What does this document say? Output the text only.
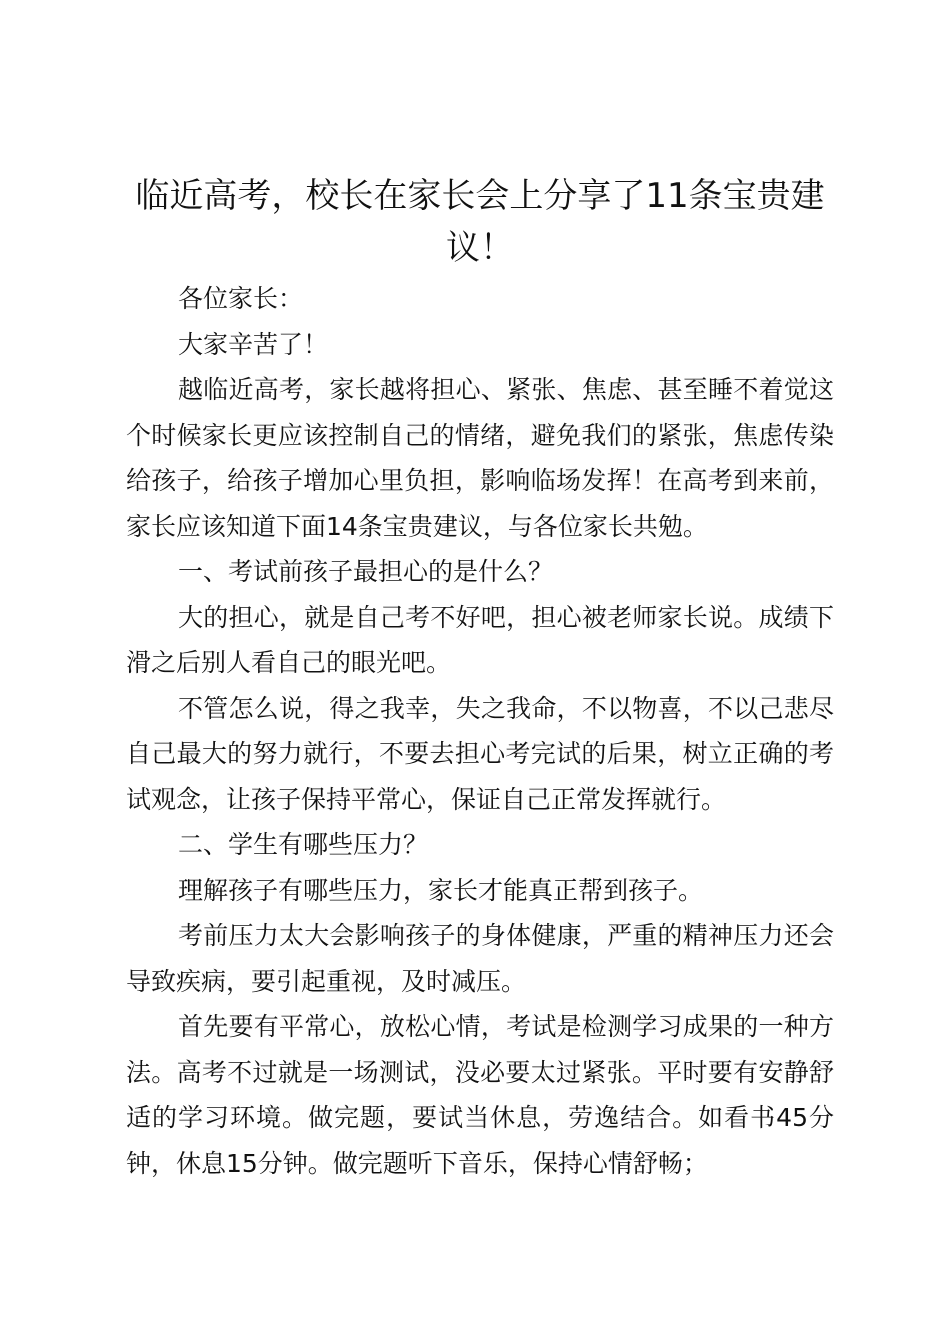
临近高考，校长在家长会上分享了11条宝贵建议！

各位家长：

大家辛苦了！

越临近高考，家长越将担心、紧张、焦虑、甚至睡不着觉这个时候家长更应该控制自己的情绪，避免我们的紧张，焦虑传染给孩子，给孩子增加心里负担，影响临场发挥！在高考到来前，家长应该知道下面14条宝贵建议，与各位家长共勉。

一、考试前孩子最担心的是什么？

大的担心，就是自己考不好吧，担心被老师家长说。成绩下滑之后别人看自己的眼光吧。

不管怎么说，得之我幸，失之我命，不以物喜，不以己悲尽自己最大的努力就行，不要去担心考完试的后果，树立正确的考试观念，让孩子保持平常心，保证自己正常发挥就行。

二、学生有哪些压力？

理解孩子有哪些压力，家长才能真正帮到孩子。

考前压力太大会影响孩子的身体健康，严重的精神压力还会导致疾病，要引起重视，及时减压。

首先要有平常心，放松心情，考试是检测学习成果的一种方法。高考不过就是一场测试，没必要太过紧张。平时要有安静舒适的学习环境。做完题，要试当休息，劳逸结合。如看书45分钟，休息15分钟。做完题听下音乐，保持心情舒畅；
